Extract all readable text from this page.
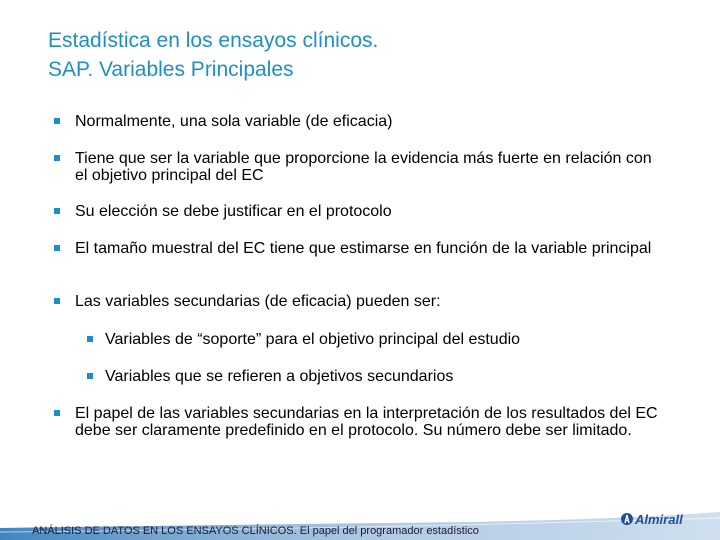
Estadística en los ensayos clínicos.
SAP. Variables Principales
Normalmente, una sola variable (de eficacia)
Tiene que ser la variable que proporcione la evidencia más fuerte en relación con el objetivo principal del EC
Su elección se debe justificar en el protocolo
El tamaño muestral del EC tiene que estimarse en función de la variable principal
Las variables secundarias (de eficacia) pueden ser:
Variables de “soporte” para el objetivo principal del estudio
Variables que se refieren a objetivos secundarios
El papel de las variables secundarias en la interpretación de los resultados del EC debe ser claramente predefinido en el protocolo. Su número debe ser limitado.
ANÁLISIS DE DATOS EN LOS ENSAYOS CLÍNICOS. El papel del programador estadístico
Almirall
